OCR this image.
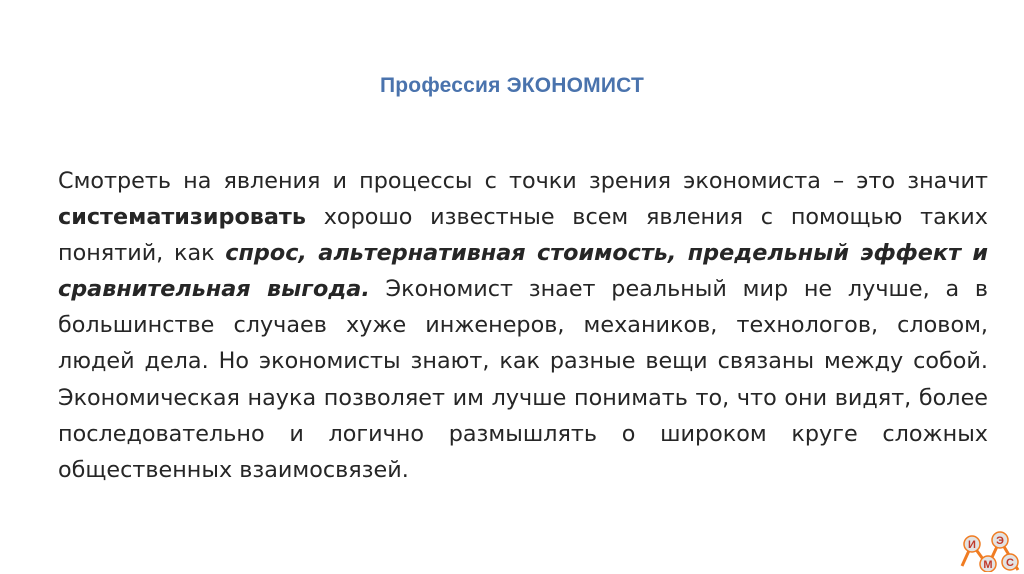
Профессия ЭКОНОМИСТ

Смотреть на явления и процессы с точки зрения экономиста – это значит систематизировать хорошо известные всем явления с помощью таких понятий, как спрос, альтернативная стоимость, предельный эффект и сравнительная выгода. Экономист знает реальный мир не лучше, а в большинстве случаев хуже инженеров, механиков, технологов, словом, людей дела. Но экономисты знают, как разные вещи связаны между собой. Экономическая наука позволяет им лучше понимать то, что они видят, более последовательно и логично размышлять о широком круге сложных общественных взаимосвязей.

И Э
М С
